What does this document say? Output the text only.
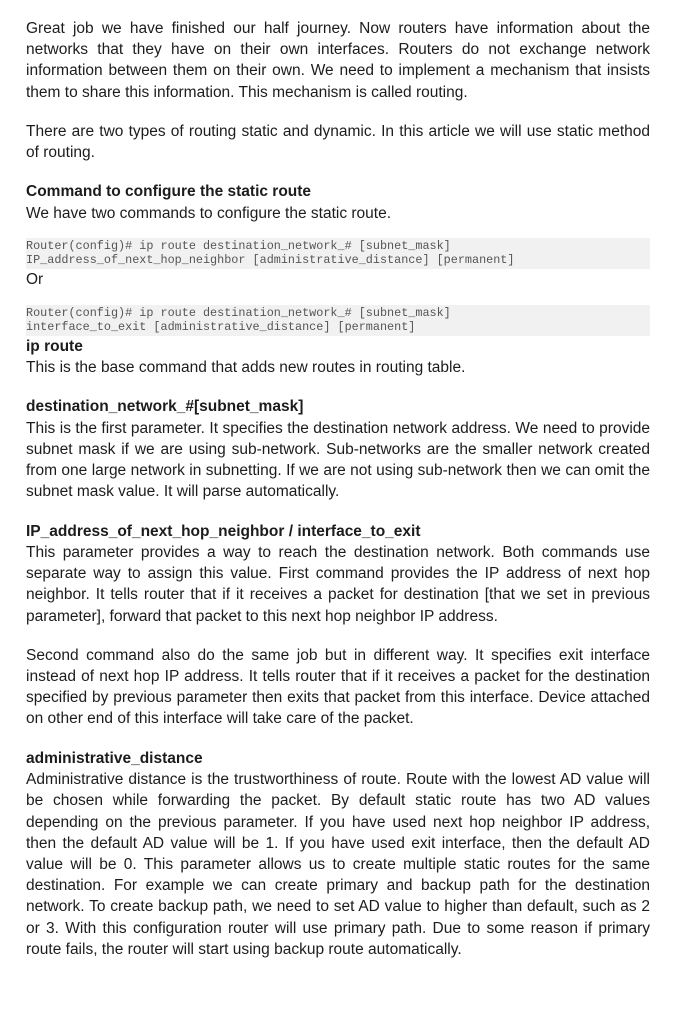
Great job we have finished our half journey. Now routers have information about the networks that they have on their own interfaces. Routers do not exchange network information between them on their own. We need to implement a mechanism that insists them to share this information. This mechanism is called routing.

There are two types of routing static and dynamic. In this article we will use static method of routing.

Command to configure the static route

We have two commands to configure the static route.

Router(config)# ip route destination_network_# [subnet_mask]
IP_address_of_next_hop_neighbor [administrative_distance] [permanent]

Or

Router(config)# ip route destination_network_# [subnet_mask]
interface_to_exit [administrative_distance] [permanent]

ip route

This is the base command that adds new routes in routing table.

destination_network_#[subnet_mask]

This is the first parameter. It specifies the destination network address. We need to provide subnet mask if we are using sub-network. Sub-networks are the smaller network created from one large network in subnetting. If we are not using sub-network then we can omit the subnet mask value. It will parse automatically.

IP_address_of_next_hop_neighbor / interface_to_exit

This parameter provides a way to reach the destination network. Both commands use separate way to assign this value. First command provides the IP address of next hop neighbor. It tells router that if it receives a packet for destination [that we set in previous parameter], forward that packet to this next hop neighbor IP address.

Second command also do the same job but in different way. It specifies exit interface instead of next hop IP address. It tells router that if it receives a packet for the destination specified by previous parameter then exits that packet from this interface. Device attached on other end of this interface will take care of the packet.

administrative_distance

Administrative distance is the trustworthiness of route. Route with the lowest AD value will be chosen while forwarding the packet. By default static route has two AD values depending on the previous parameter. If you have used next hop neighbor IP address, then the default AD value will be 1. If you have used exit interface, then the default AD value will be 0. This parameter allows us to create multiple static routes for the same destination. For example we can create primary and backup path for the destination network. To create backup path, we need to set AD value to higher than default, such as 2 or 3. With this configuration router will use primary path. Due to some reason if primary route fails, the router will start using backup route automatically.
